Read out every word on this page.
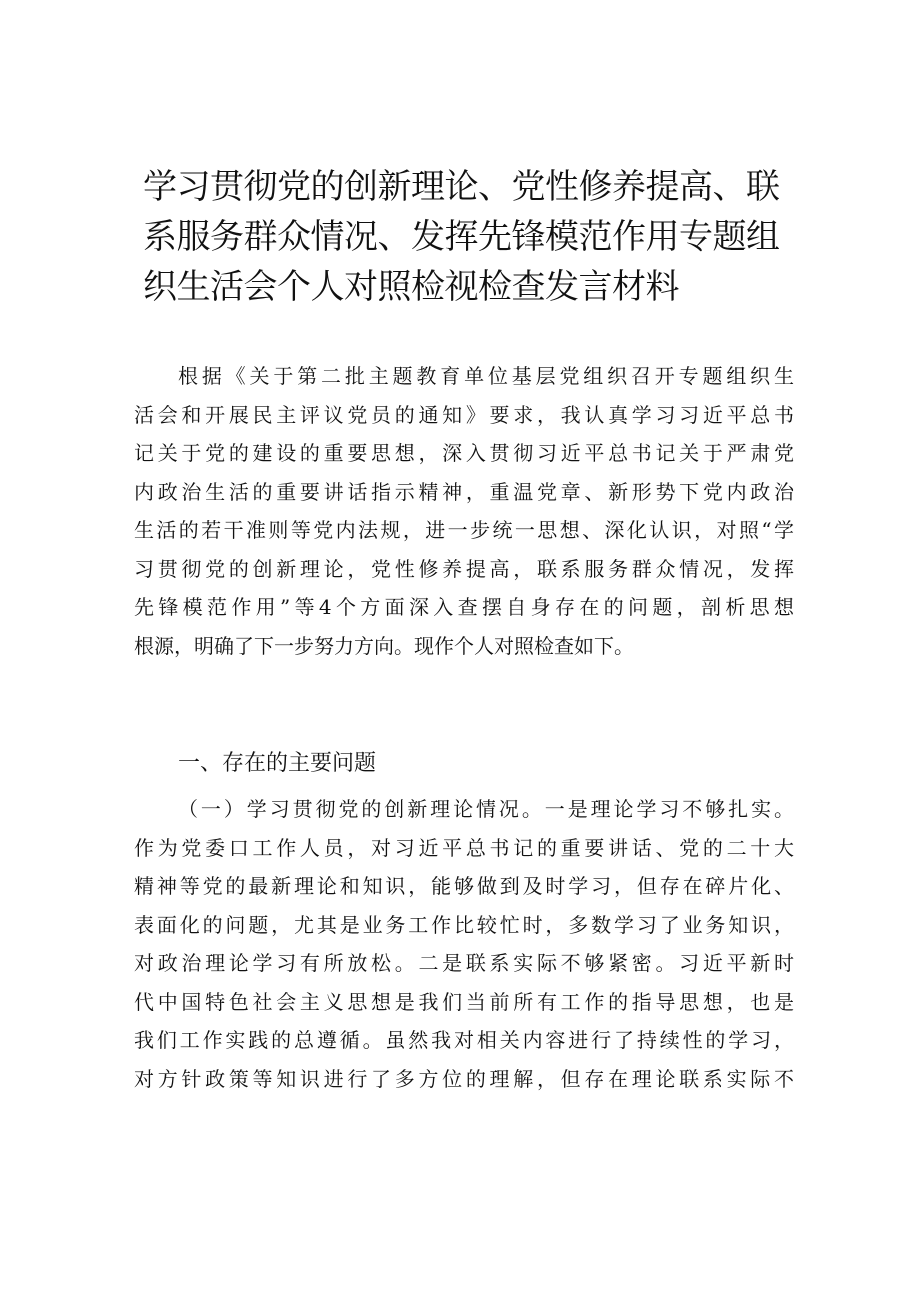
学习贯彻党的创新理论、党性修养提高、联
系服务群众情况、发挥先锋模范作用专题组
织生活会个人对照检视检查发言材料
根据《关于第二批主题教育单位基层党组织召开专题组织生
活会和开展民主评议党员的通知》要求，我认真学习习近平总书
记关于党的建设的重要思想，深入贯彻习近平总书记关于严肃党
内政治生活的重要讲话指示精神，重温党章、新形势下党内政治
生活的若干准则等党内法规，进一步统一思想、深化认识，对照“学
习贯彻党的创新理论，党性修养提高，联系服务群众情况，发挥
先锋模范作用”等4个方面深入查摆自身存在的问题，剖析思想
根源，明确了下一步努力方向。现作个人对照检查如下。
一、存在的主要问题
（一）学习贯彻党的创新理论情况。一是理论学习不够扎实。
作为党委口工作人员，对习近平总书记的重要讲话、党的二十大
精神等党的最新理论和知识，能够做到及时学习，但存在碎片化、
表面化的问题，尤其是业务工作比较忙时，多数学习了业务知识，
对政治理论学习有所放松。二是联系实际不够紧密。习近平新时
代中国特色社会主义思想是我们当前所有工作的指导思想，也是
我们工作实践的总遵循。虽然我对相关内容进行了持续性的学习，
对方针政策等知识进行了多方位的理解，但存在理论联系实际不
